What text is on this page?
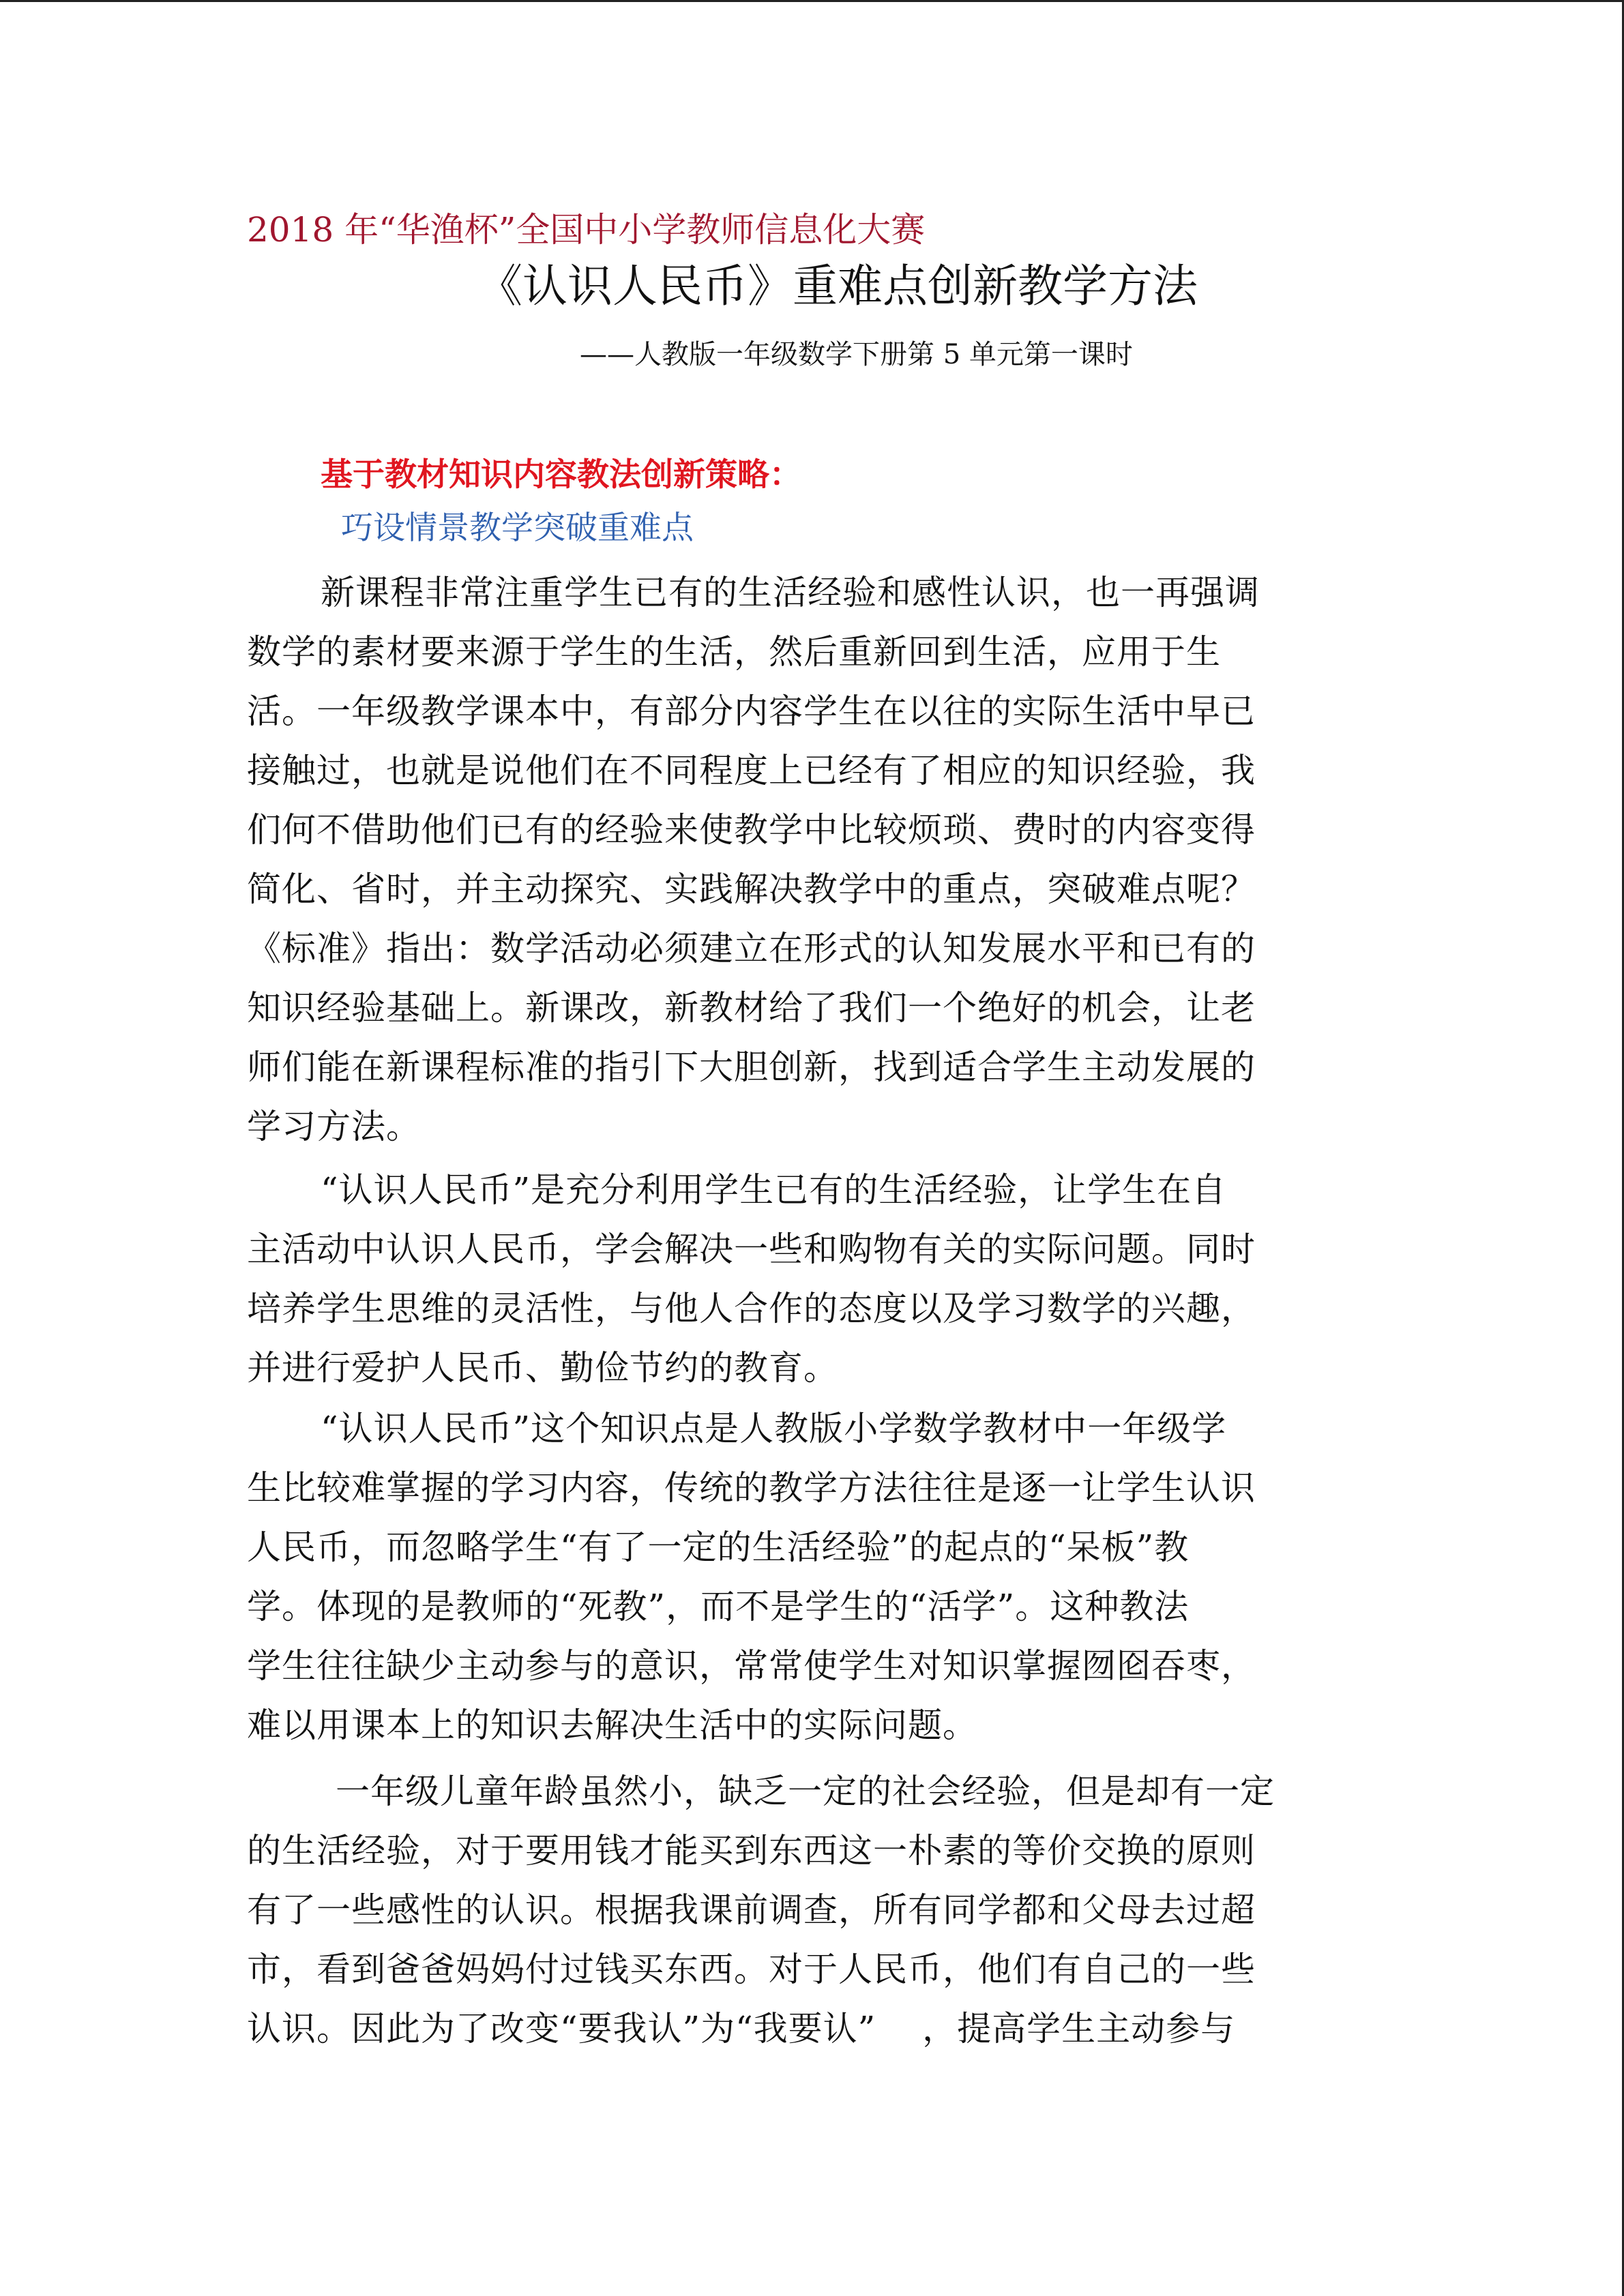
2018 年“华渔杯”全国中小学教师信息化大赛
《认识人民币》重难点创新教学方法
——人教版一年级数学下册第 5 单元第一课时
基于教材知识内容教法创新策略：
巧设情景教学突破重难点
新课程非常注重学生已有的生活经验和感性认识，也一再强调
数学的素材要来源于学生的生活，然后重新回到生活，应用于生
活。一年级教学课本中，有部分内容学生在以往的实际生活中早已
接触过，也就是说他们在不同程度上已经有了相应的知识经验，我
们何不借助他们已有的经验来使教学中比较烦琐、费时的内容变得
简化、省时，并主动探究、实践解决教学中的重点，突破难点呢？
《标准》指出：数学活动必须建立在形式的认知发展水平和已有的
知识经验基础上。新课改，新教材给了我们一个绝好的机会，让老
师们能在新课程标准的指引下大胆创新，找到适合学生主动发展的
学习方法。
“认识人民币”是充分利用学生已有的生活经验，让学生在自
主活动中认识人民币，学会解决一些和购物有关的实际问题。同时
培养学生思维的灵活性，与他人合作的态度以及学习数学的兴趣，
并进行爱护人民币、勤俭节约的教育。
“认识人民币”这个知识点是人教版小学数学教材中一年级学
生比较难掌握的学习内容，传统的教学方法往往是逐一让学生认识
人民币，而忽略学生“有了一定的生活经验”的起点的“呆板”教
学。体现的是教师的“死教”，而不是学生的“活学”。这种教法
学生往往缺少主动参与的意识，常常使学生对知识掌握囫囵吞枣，
难以用课本上的知识去解决生活中的实际问题。
一年级儿童年龄虽然小，缺乏一定的社会经验，但是却有一定
的生活经验，对于要用钱才能买到东西这一朴素的等价交换的原则
有了一些感性的认识。根据我课前调查，所有同学都和父母去过超
市，看到爸爸妈妈付过钱买东西。对于人民币，他们有自己的一些
认识。因此为了改变“要我认”为“我要认”　 ，提高学生主动参与
